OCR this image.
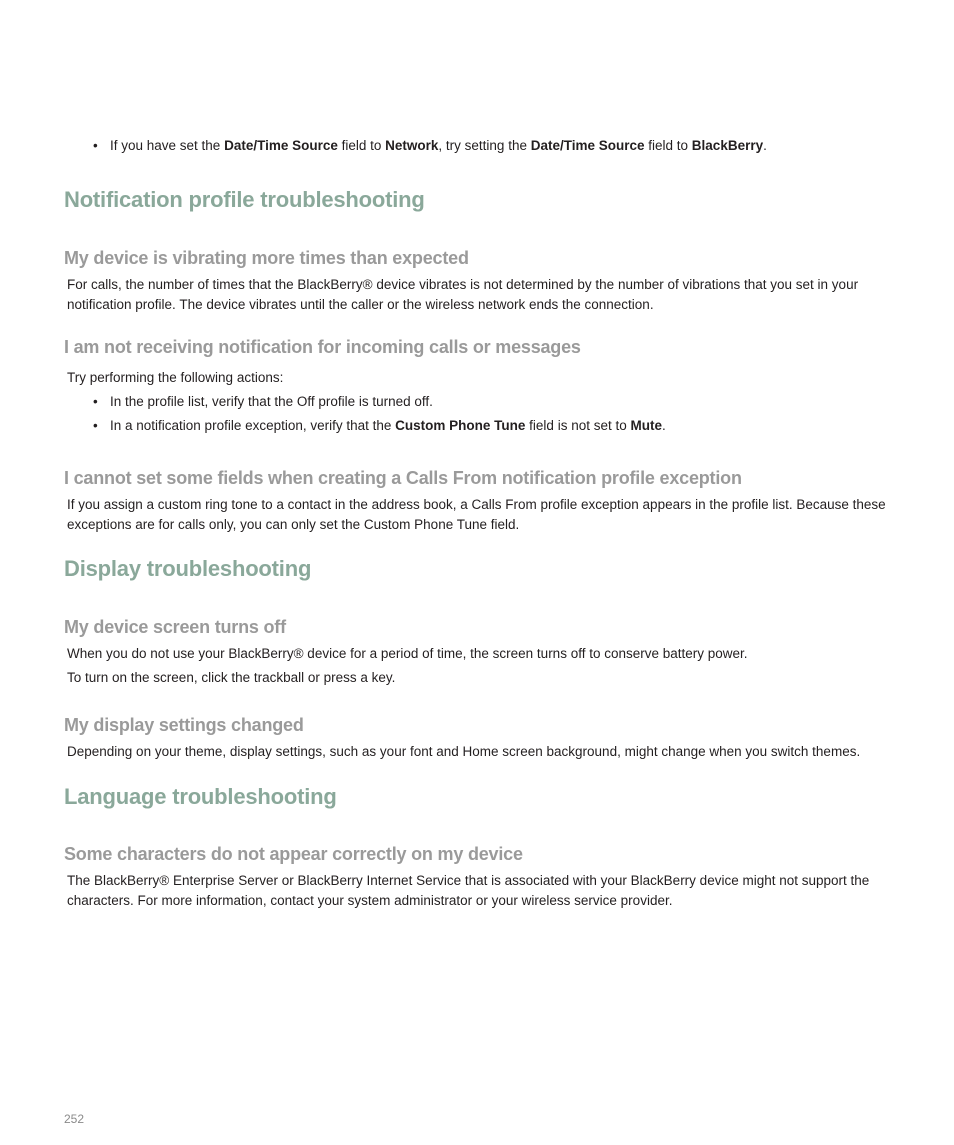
• If you have set the Date/Time Source field to Network, try setting the Date/Time Source field to BlackBerry.
Notification profile troubleshooting
My device is vibrating more times than expected
For calls, the number of times that the BlackBerry® device vibrates is not determined by the number of vibrations that you set in your
notification profile. The device vibrates until the caller or the wireless network ends the connection.
I am not receiving notification for incoming calls or messages
Try performing the following actions:
• In the profile list, verify that the Off profile is turned off.
• In a notification profile exception, verify that the Custom Phone Tune field is not set to Mute.
I cannot set some fields when creating a Calls From notification profile exception
If you assign a custom ring tone to a contact in the address book, a Calls From profile exception appears in the profile list. Because these
exceptions are for calls only, you can only set the Custom Phone Tune field.
Display troubleshooting
My device screen turns off
When you do not use your BlackBerry® device for a period of time, the screen turns off to conserve battery power.
To turn on the screen, click the trackball or press a key.
My display settings changed
Depending on your theme, display settings, such as your font and Home screen background, might change when you switch themes.
Language troubleshooting
Some characters do not appear correctly on my device
The BlackBerry® Enterprise Server or BlackBerry Internet Service that is associated with your BlackBerry device might not support the
characters. For more information, contact your system administrator or your wireless service provider.
252
